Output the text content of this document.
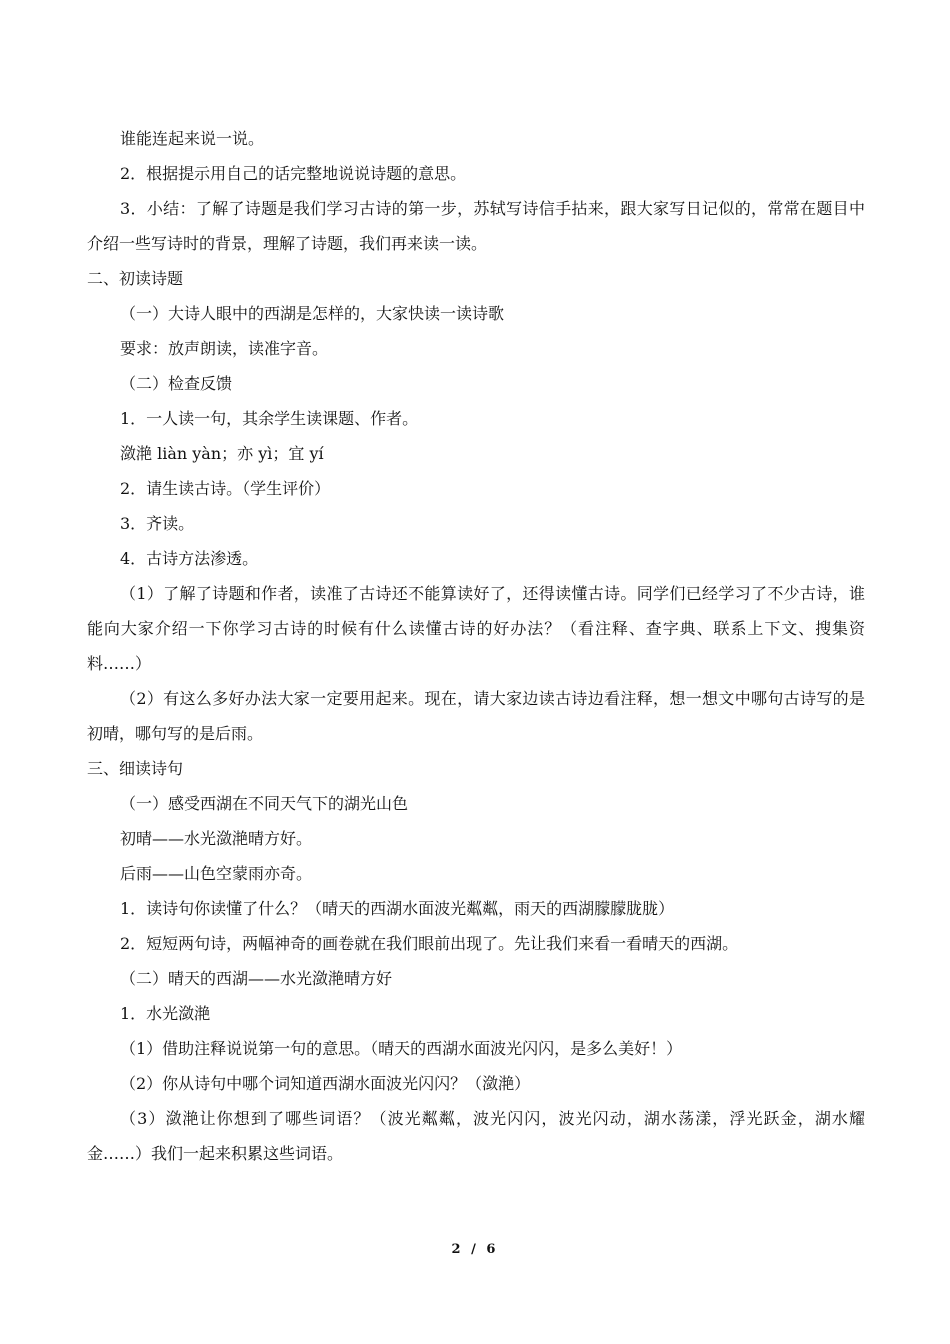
谁能连起来说一说。
2．根据提示用自己的话完整地说说诗题的意思。
3．小结：了解了诗题是我们学习古诗的第一步，苏轼写诗信手拈来，跟大家写日记似的，常常在题目中介绍一些写诗时的背景，理解了诗题，我们再来读一读。
二、初读诗题
（一）大诗人眼中的西湖是怎样的，大家快读一读诗歌
要求：放声朗读，读准字音。
（二）检查反馈
1．一人读一句，其余学生读课题、作者。
潋滟 liàn yàn；亦 yì；宜 yí
2．请生读古诗。（学生评价）
3．齐读。
4．古诗方法渗透。
（1）了解了诗题和作者，读准了古诗还不能算读好了，还得读懂古诗。同学们已经学习了不少古诗，谁能向大家介绍一下你学习古诗的时候有什么读懂古诗的好办法？（看注释、查字典、联系上下文、搜集资料……）
（2）有这么多好办法大家一定要用起来。现在，请大家边读古诗边看注释，想一想文中哪句古诗写的是初晴，哪句写的是后雨。
三、细读诗句
（一）感受西湖在不同天气下的湖光山色
初晴——水光潋滟晴方好。
后雨——山色空蒙雨亦奇。
1．读诗句你读懂了什么？（晴天的西湖水面波光粼粼，雨天的西湖朦朦胧胧）
2．短短两句诗，两幅神奇的画卷就在我们眼前出现了。先让我们来看一看晴天的西湖。
（二）晴天的西湖——水光潋滟晴方好
1．水光潋滟
（1）借助注释说说第一句的意思。（晴天的西湖水面波光闪闪，是多么美好！）
（2）你从诗句中哪个词知道西湖水面波光闪闪？（潋滟）
（3）潋滟让你想到了哪些词语？（波光粼粼，波光闪闪，波光闪动，湖水荡漾，浮光跃金，湖水耀金……）我们一起来积累这些词语。
2 / 6
